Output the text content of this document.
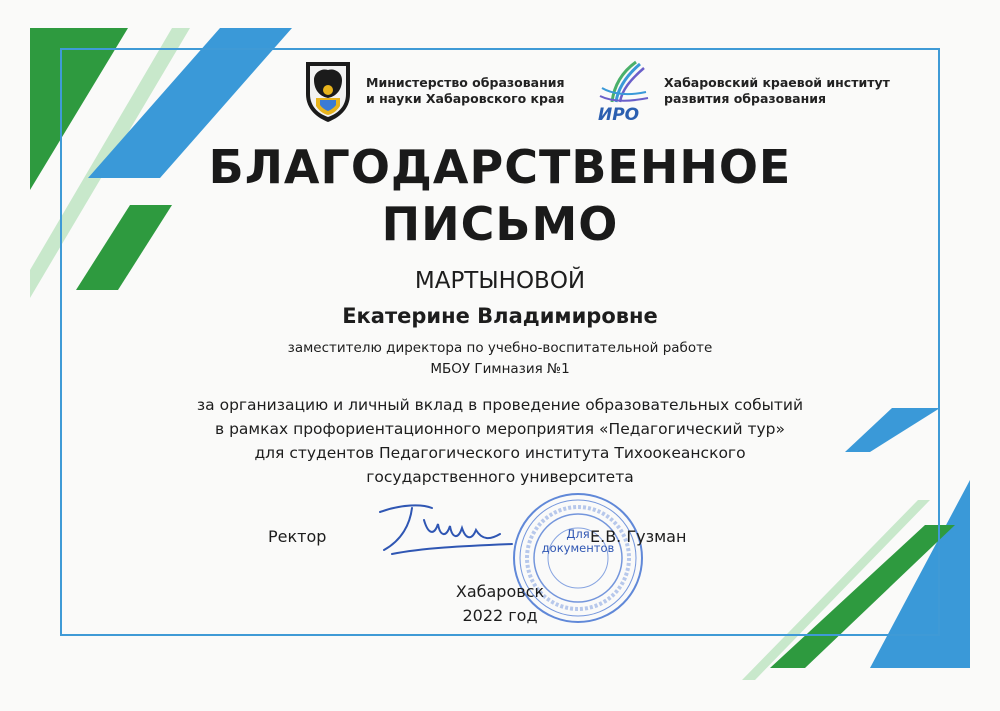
Министерство образования
и науки Хабаровского края
ИРО
Хабаровский краевой институт
развития образования
БЛАГОДАРСТВЕННОЕ
ПИСЬМО
МАРТЫНОВОЙ
Екатерине Владимировне
заместителю директора по учебно-воспитательной работе
МБОУ Гимназия №1
за организацию и личный вклад в проведение образовательных событий
в рамках профориентационного мероприятия «Педагогический тур»
для студентов Педагогического института Тихоокеанского
государственного университета
Ректор	Для
документов
Е.В. Гузман
Хабаровск
2022 год
